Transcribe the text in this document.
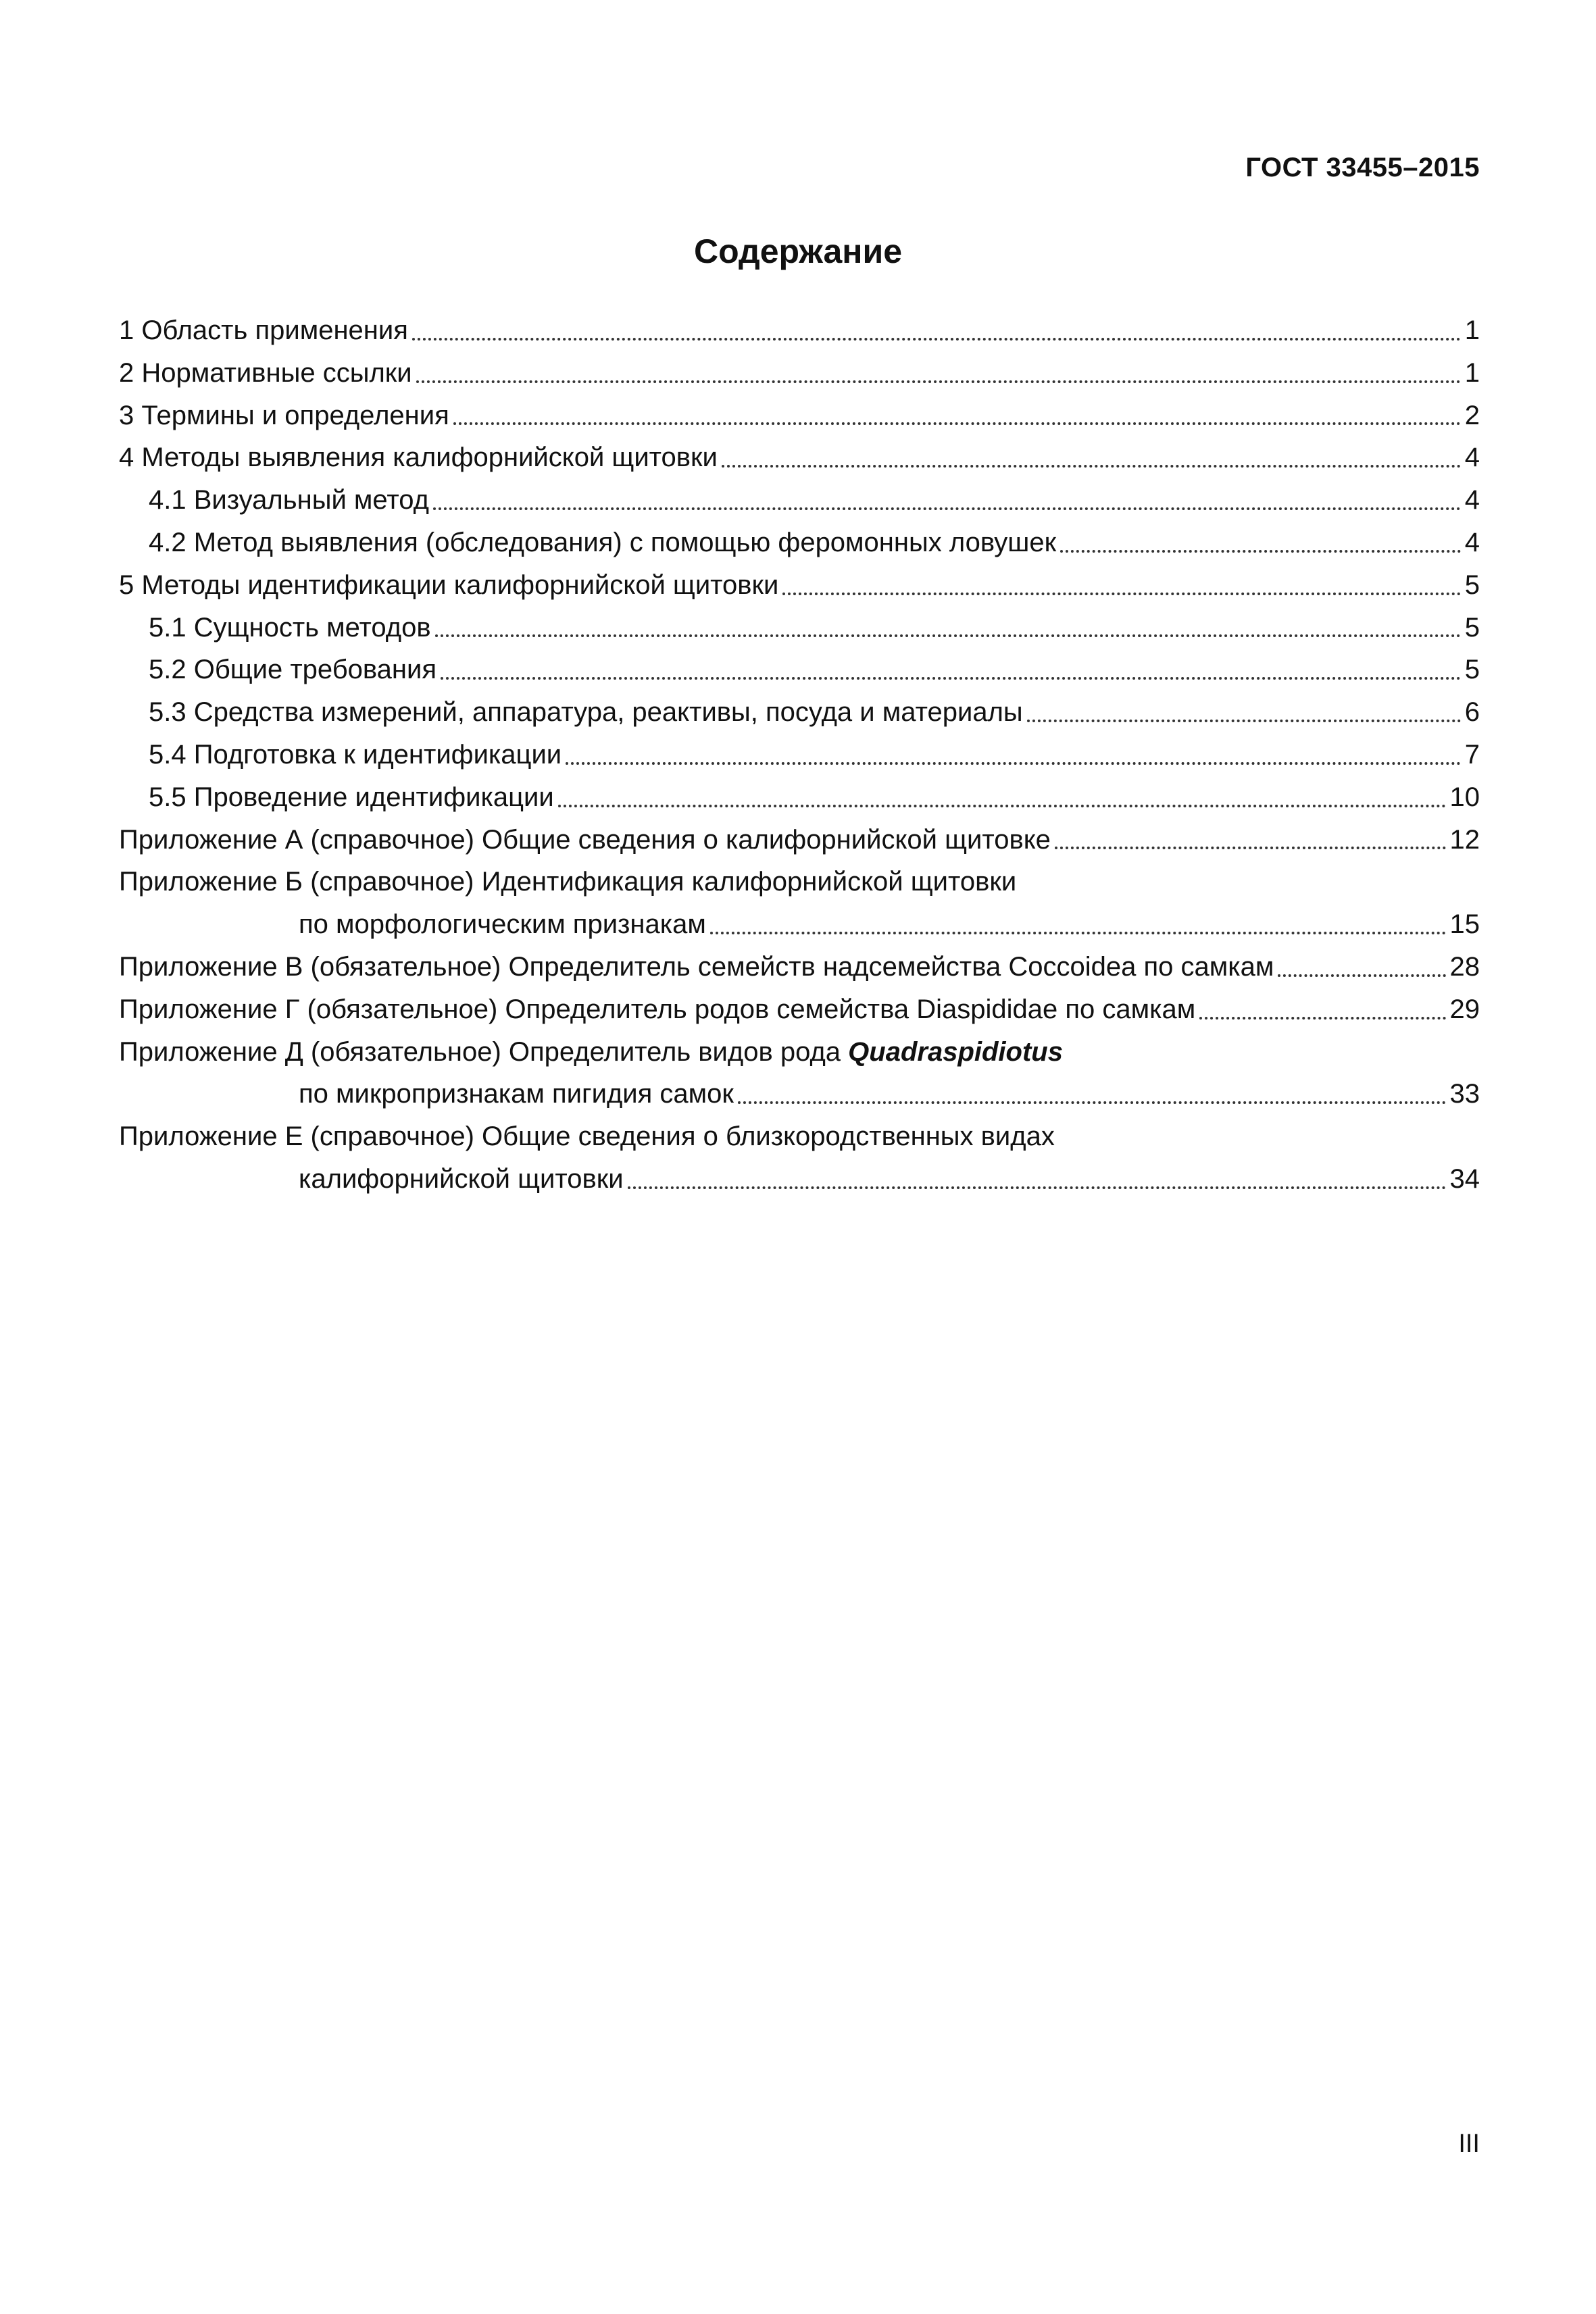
ГОСТ 33455–2015
Содержание
1 Область применения	1
2 Нормативные ссылки	1
3 Термины и определения	2
4 Методы выявления калифорнийской щитовки	4
4.1 Визуальный метод	4
4.2 Метод выявления (обследования) с помощью феромонных ловушек	4
5 Методы идентификации калифорнийской щитовки	5
5.1 Сущность методов	5
5.2 Общие требования	5
5.3 Средства измерений, аппаратура, реактивы, посуда и материалы	6
5.4 Подготовка к идентификации	7
5.5 Проведение идентификации	10
Приложение А (справочное) Общие сведения о калифорнийской щитовке	12
Приложение Б (справочное) Идентификация калифорнийской щитовки
по морфологическим признакам	15
Приложение В (обязательное) Определитель семейств надсемейства Coccoidea по самкам	28
Приложение Г (обязательное) Определитель родов семейства Diaspididae по самкам	29
Приложение Д (обязательное) Определитель видов рода Quadraspidiotus
по микропризнакам пигидия самок	33
Приложение Е (справочное) Общие сведения о близкородственных видах
калифорнийской щитовки	34
III
